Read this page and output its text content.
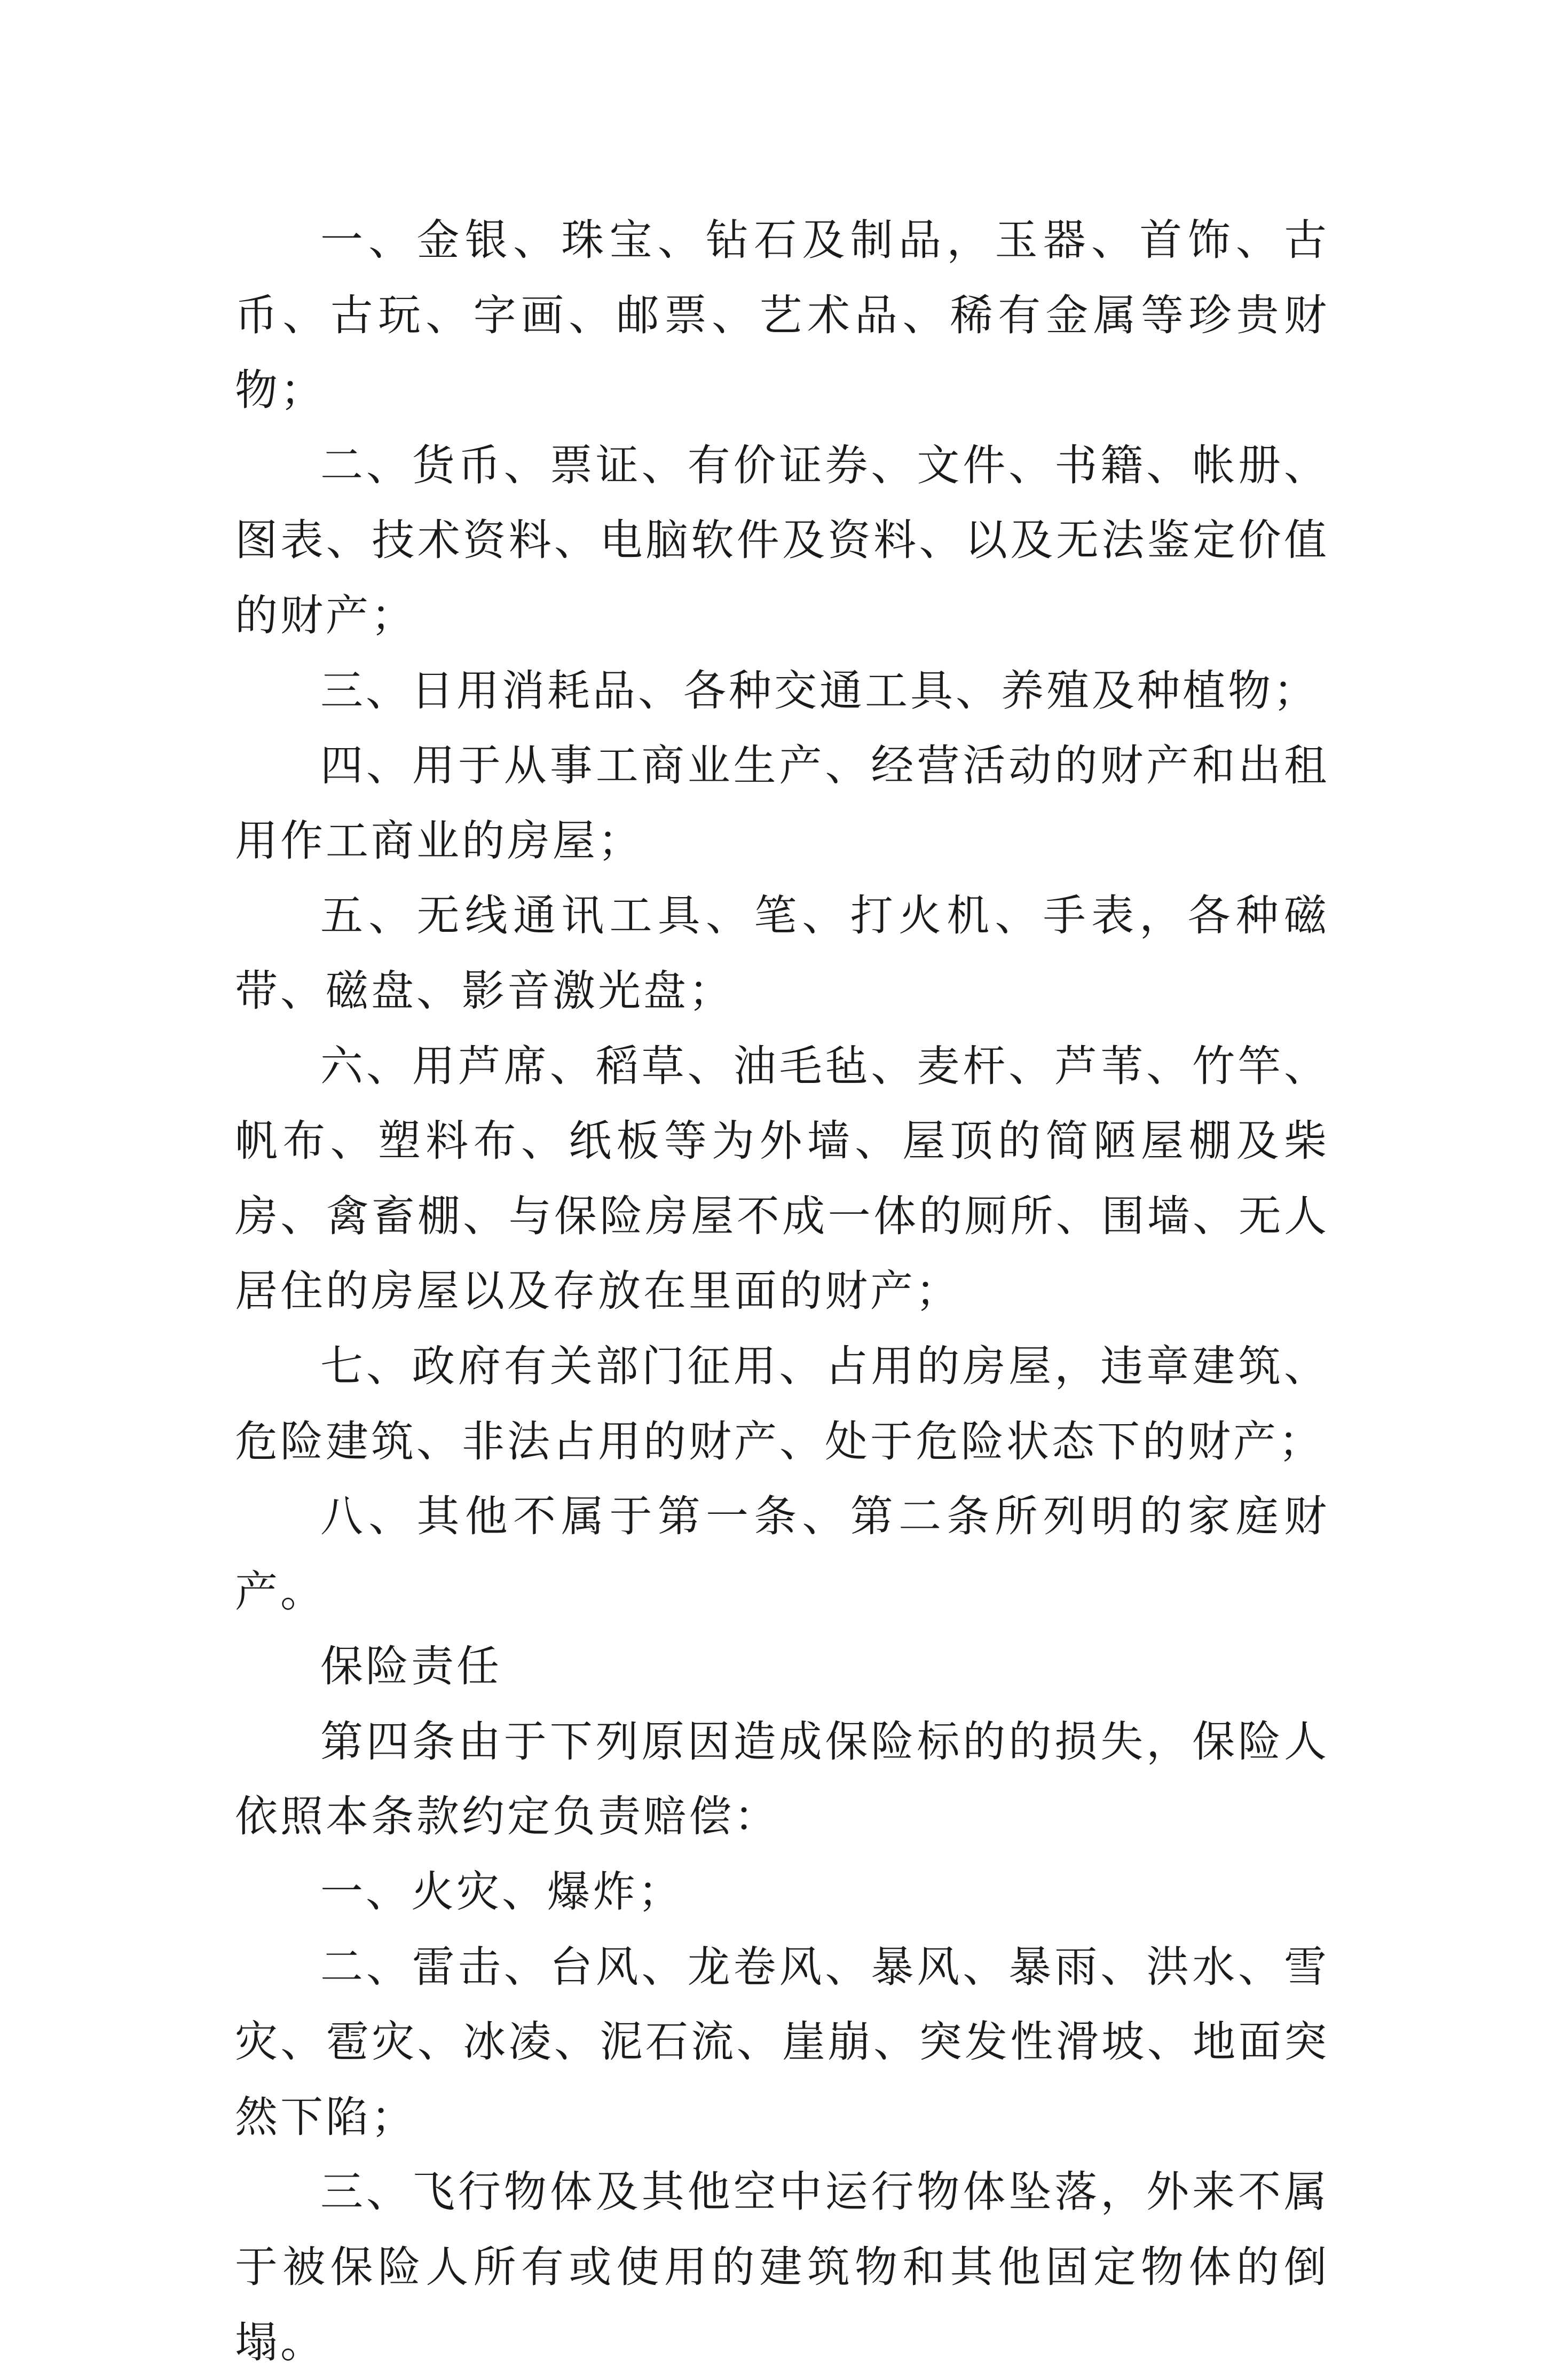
一、金银、珠宝、钻石及制品，玉器、首饰、古币、古玩、字画、邮票、艺术品、稀有金属等珍贵财物；

二、货币、票证、有价证券、文件、书籍、帐册、图表、技术资料、电脑软件及资料、以及无法鉴定价值的财产；

三、日用消耗品、各种交通工具、养殖及种植物；

四、用于从事工商业生产、经营活动的财产和出租用作工商业的房屋；

五、无线通讯工具、笔、打火机、手表，各种磁带、磁盘、影音激光盘；

六、用芦席、稻草、油毛毡、麦杆、芦苇、竹竿、帆布、塑料布、纸板等为外墙、屋顶的简陋屋棚及柴房、禽畜棚、与保险房屋不成一体的厕所、围墙、无人居住的房屋以及存放在里面的财产；

七、政府有关部门征用、占用的房屋，违章建筑、危险建筑、非法占用的财产、处于危险状态下的财产；

八、其他不属于第一条、第二条所列明的家庭财产。

保险责任

第四条由于下列原因造成保险标的的损失，保险人依照本条款约定负责赔偿：

一、火灾、爆炸；

二、雷击、台风、龙卷风、暴风、暴雨、洪水、雪灾、雹灾、冰凌、泥石流、崖崩、突发性滑坡、地面突然下陷；

三、飞行物体及其他空中运行物体坠落，外来不属于被保险人所有或使用的建筑物和其他固定物体的倒塌。
